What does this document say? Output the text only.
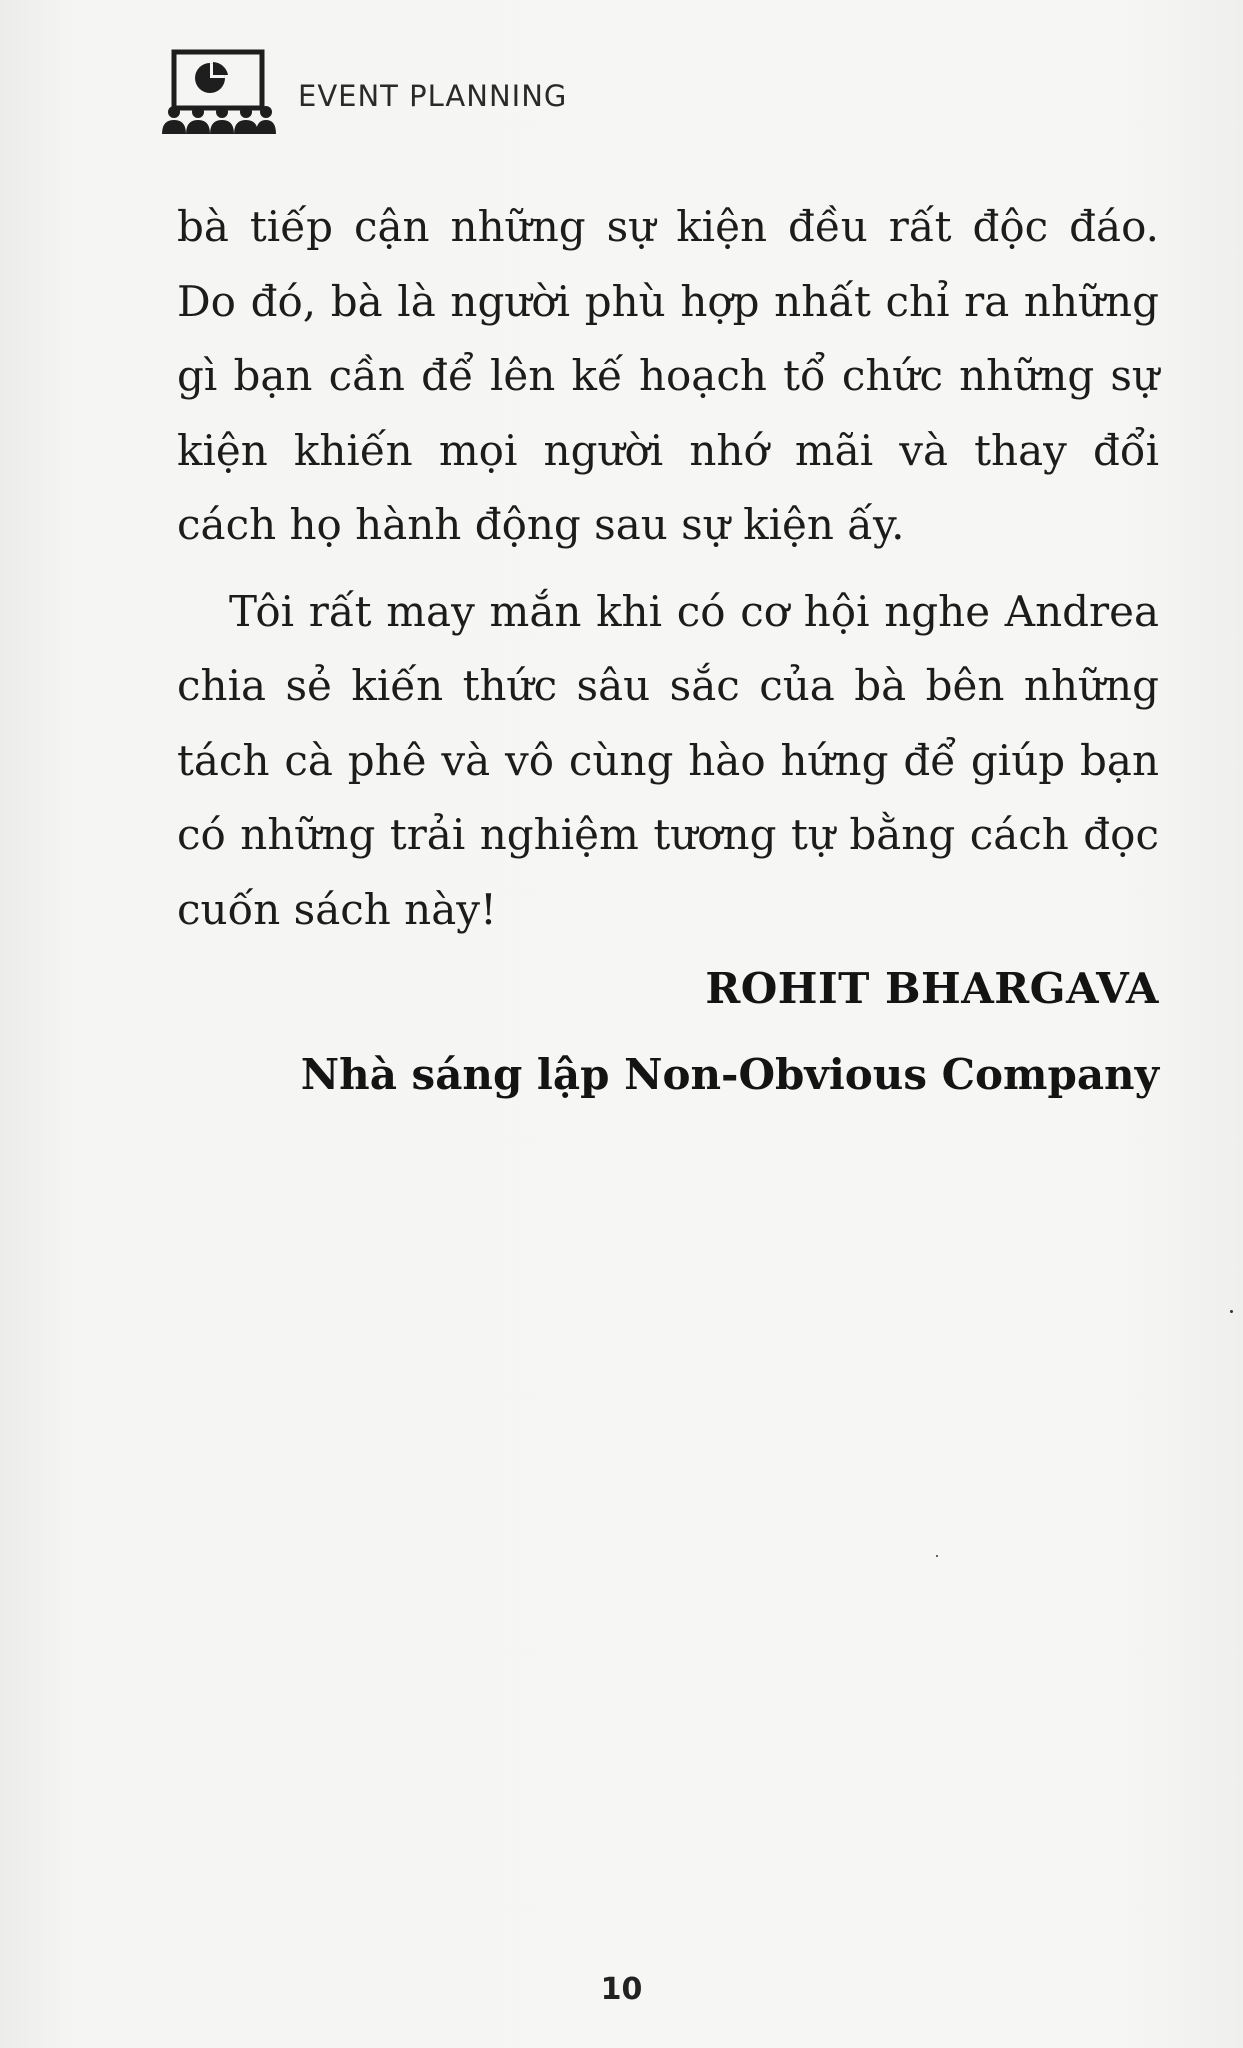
EVENT PLANNING

bà tiếp cận những sự kiện đều rất độc đáo. Do đó, bà là người phù hợp nhất chỉ ra những gì bạn cần để lên kế hoạch tổ chức những sự kiện khiến mọi người nhớ mãi và thay đổi cách họ hành động sau sự kiện ấy.

Tôi rất may mắn khi có cơ hội nghe Andrea chia sẻ kiến thức sâu sắc của bà bên những tách cà phê và vô cùng hào hứng để giúp bạn có những trải nghiệm tương tự bằng cách đọc cuốn sách này!

ROHIT BHARGAVA

Nhà sáng lập Non-Obvious Company

10
